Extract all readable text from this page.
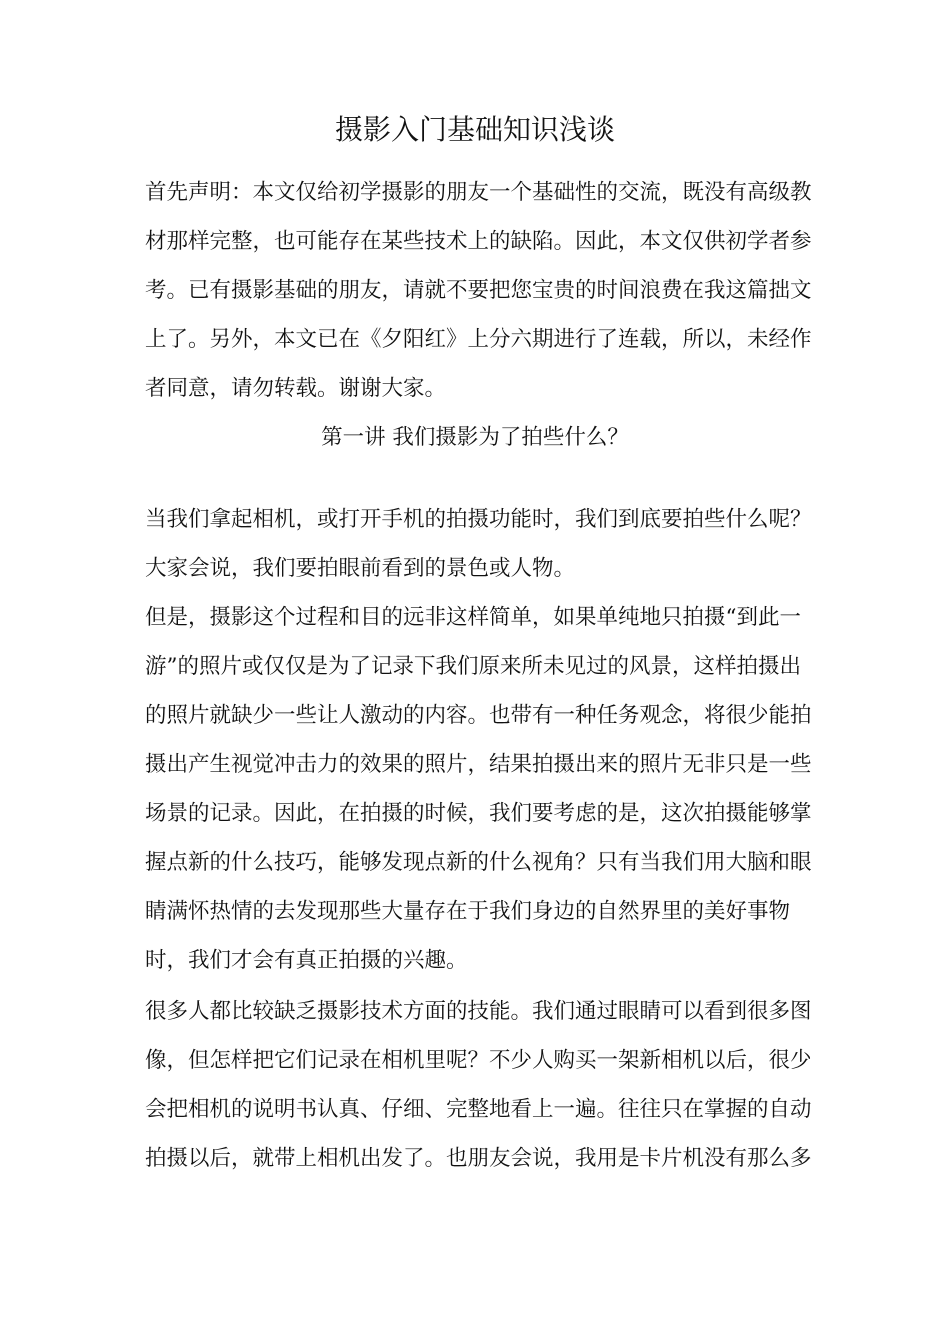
摄影入门基础知识浅谈
首先声明：本文仅给初学摄影的朋友一个基础性的交流，既没有高级教
材那样完整，也可能存在某些技术上的缺陷。因此，本文仅供初学者参
考。已有摄影基础的朋友，请就不要把您宝贵的时间浪费在我这篇拙文
上了。另外，本文已在《夕阳红》上分六期进行了连载，所以，未经作
者同意，请勿转载。谢谢大家。
第一讲 我们摄影为了拍些什么？
当我们拿起相机，或打开手机的拍摄功能时，我们到底要拍些什么呢？
大家会说，我们要拍眼前看到的景色或人物。
但是，摄影这个过程和目的远非这样简单，如果单纯地只拍摄“到此一
游”的照片或仅仅是为了记录下我们原来所未见过的风景，这样拍摄出
的照片就缺少一些让人激动的内容。也带有一种任务观念，将很少能拍
摄出产生视觉冲击力的效果的照片，结果拍摄出来的照片无非只是一些
场景的记录。因此，在拍摄的时候，我们要考虑的是，这次拍摄能够掌
握点新的什么技巧，能够发现点新的什么视角？只有当我们用大脑和眼
睛满怀热情的去发现那些大量存在于我们身边的自然界里的美好事物
时，我们才会有真正拍摄的兴趣。
很多人都比较缺乏摄影技术方面的技能。我们通过眼睛可以看到很多图
像，但怎样把它们记录在相机里呢？不少人购买一架新相机以后，很少
会把相机的说明书认真、仔细、完整地看上一遍。往往只在掌握的自动
拍摄以后，就带上相机出发了。也朋友会说，我用是卡片机没有那么多
